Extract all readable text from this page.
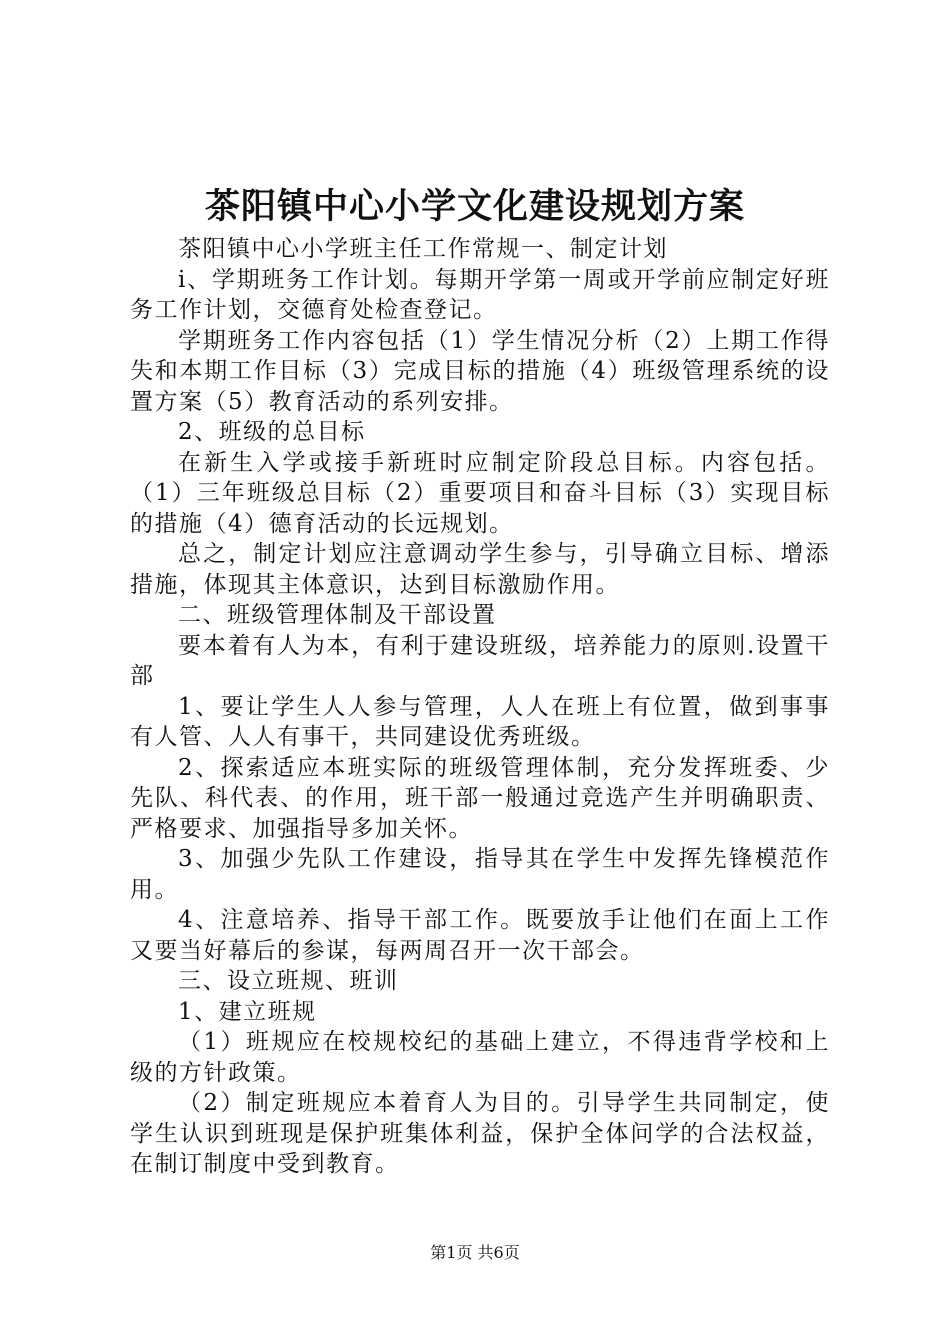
茶阳镇中心小学文化建设规划方案

茶阳镇中心小学班主任工作常规一、制定计划

i、学期班务工作计划。每期开学第一周或开学前应制定好班务工作计划，交德育处检查登记。

学期班务工作内容包括（1）学生情况分析（2）上期工作得失和本期工作目标（3）完成目标的措施（4）班级管理系统的设置方案（5）教育活动的系列安排。

2、班级的总目标

在新生入学或接手新班时应制定阶段总目标。内容包括。（1）三年班级总目标（2）重要项目和奋斗目标（3）实现目标的措施（4）德育活动的长远规划。

总之，制定计划应注意调动学生参与，引导确立目标、增添措施，体现其主体意识，达到目标激励作用。

二、班级管理体制及干部设置

要本着有人为本，有利于建设班级，培养能力的原则.设置干部

1、要让学生人人参与管理，人人在班上有位置，做到事事有人管、人人有事干，共同建设优秀班级。

2、探索适应本班实际的班级管理体制，充分发挥班委、少先队、科代表、的作用，班干部一般通过竞选产生并明确职责、严格要求、加强指导多加关怀。

3、加强少先队工作建设，指导其在学生中发挥先锋模范作用。

4、注意培养、指导干部工作。既要放手让他们在面上工作又要当好幕后的参谋，每两周召开一次干部会。

三、设立班规、班训

1、建立班规

（1）班规应在校规校纪的基础上建立，不得违背学校和上级的方针政策。

（2）制定班规应本着育人为目的。引导学生共同制定，使学生认识到班现是保护班集体利益，保护全体问学的合法权益，在制订制度中受到教育。

第1页 共6页
